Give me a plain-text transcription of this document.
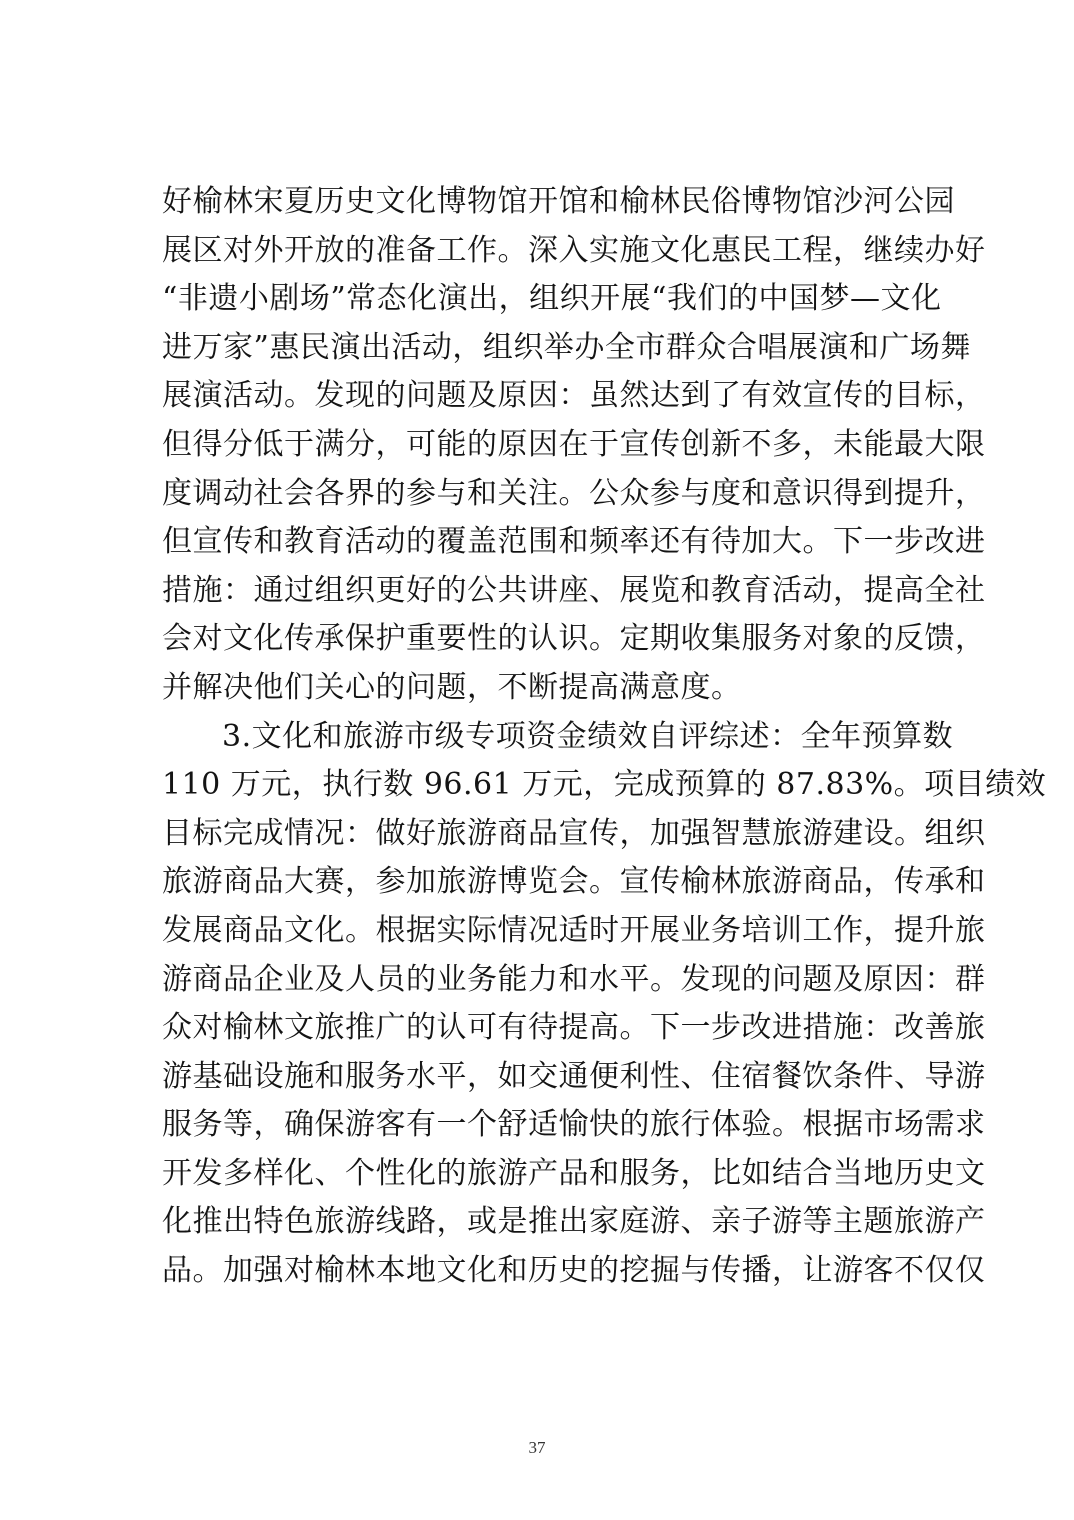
好榆林宋夏历史文化博物馆开馆和榆林民俗博物馆沙河公园
展区对外开放的准备工作。深入实施文化惠民工程，继续办好
“非遗小剧场”常态化演出，组织开展“我们的中国梦—文化
进万家”惠民演出活动，组织举办全市群众合唱展演和广场舞
展演活动。发现的问题及原因：虽然达到了有效宣传的目标，
但得分低于满分，可能的原因在于宣传创新不多，未能最大限
度调动社会各界的参与和关注。公众参与度和意识得到提升，
但宣传和教育活动的覆盖范围和频率还有待加大。下一步改进
措施：通过组织更好的公共讲座、展览和教育活动，提高全社
会对文化传承保护重要性的认识。定期收集服务对象的反馈，
并解决他们关心的问题，不断提高满意度。
3.文化和旅游市级专项资金绩效自评综述：全年预算数
110 万元，执行数 96.61 万元，完成预算的 87.83%。项目绩效
目标完成情况：做好旅游商品宣传，加强智慧旅游建设。组织
旅游商品大赛，参加旅游博览会。宣传榆林旅游商品，传承和
发展商品文化。根据实际情况适时开展业务培训工作，提升旅
游商品企业及人员的业务能力和水平。发现的问题及原因：群
众对榆林文旅推广的认可有待提高。下一步改进措施：改善旅
游基础设施和服务水平，如交通便利性、住宿餐饮条件、导游
服务等，确保游客有一个舒适愉快的旅行体验。根据市场需求
开发多样化、个性化的旅游产品和服务，比如结合当地历史文
化推出特色旅游线路，或是推出家庭游、亲子游等主题旅游产
品。加强对榆林本地文化和历史的挖掘与传播，让游客不仅仅
37
